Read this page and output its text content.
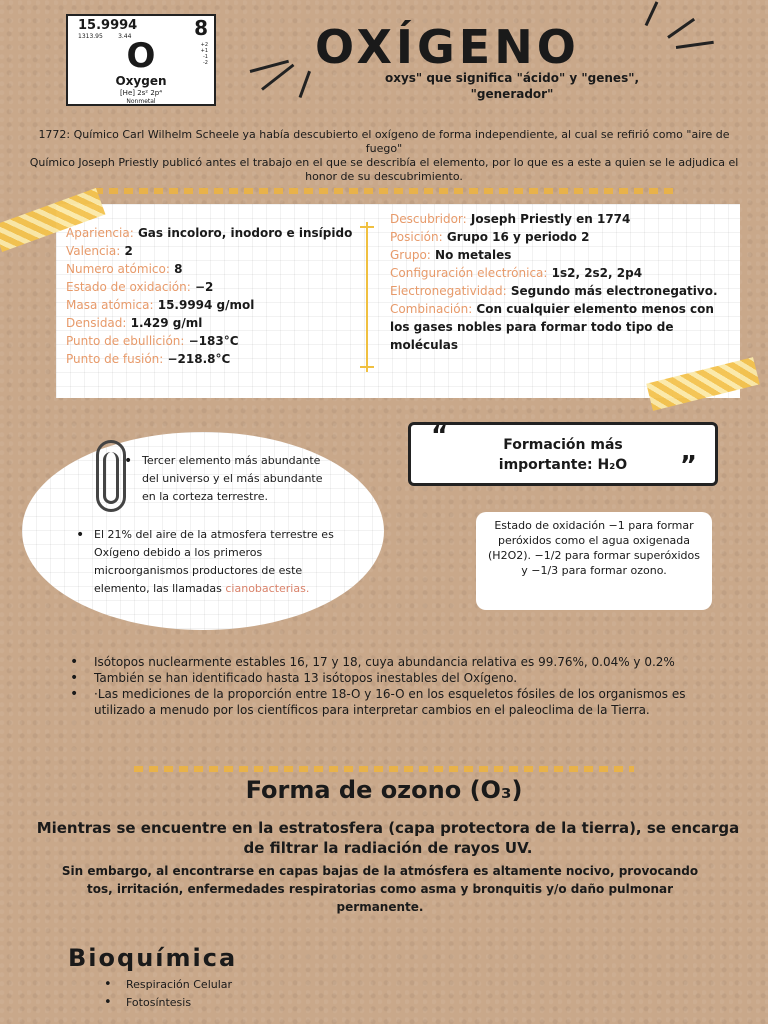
15.9994
1313.95	3.44	8
+2
+1
-1
-2
O
Oxygen
[He] 2s² 2p⁴
Nonmetal
OXÍGENO
oxys" que significa "ácido" y "genes", "generador"
1772: Químico Carl Wilhelm Scheele ya había descubierto el oxígeno de forma independiente, al cual se refirió como "aire de fuego"
Químico Joseph Priestly publicó antes el trabajo en el que se describía el elemento, por lo que es a este a quien se le adjudica el honor de su descubrimiento.
Apariencia: Gas incoloro, inodoro e insípido
Valencia: 2
Numero atómico: 8
Estado de oxidación: −2
Masa atómica: 15.9994 g/mol
Densidad: 1.429 g/ml
Punto de ebullición: −183°C
Punto de fusión: −218.8°C
Descubridor: Joseph Priestly en 1774
Posición: Grupo 16 y periodo 2
Grupo: No metales
Configuración electrónica: 1s2, 2s2, 2p4
Electronegatividad: Segundo más electronegativo.
Combinación: Con cualquier elemento menos con los gases nobles para formar todo tipo de moléculas
• Tercer elemento más abundante del universo y el más abundante en la corteza terrestre.
• El 21% del aire de la atmosfera terrestre es Oxígeno debido a los primeros microorganismos productores de este elemento, las llamadas cianobacterias.
“	Formación más
importante: H₂O	”
Estado de oxidación −1 para formar peróxidos como el agua oxigenada (H2O2). −1/2 para formar superóxidos y −1/3 para formar ozono.
• Isótopos nuclearmente estables 16, 17 y 18, cuya abundancia relativa es 99.76%, 0.04% y 0.2%
• También se han identificado hasta 13 isótopos inestables del Oxígeno.
• ·Las mediciones de la proporción entre 18-O y 16-O en los esqueletos fósiles de los organismos es utilizado a menudo por los científicos para interpretar cambios en el paleoclima de la Tierra.
Forma de ozono (O₃)
Mientras se encuentre en la estratosfera (capa protectora de la tierra), se encarga de filtrar la radiación de rayos UV.
Sin embargo, al encontrarse en capas bajas de la atmósfera es altamente nocivo, provocando tos, irritación, enfermedades respiratorias como asma y bronquitis y/o daño pulmonar permanente.
Bioquímica
• Respiración Celular
• Fotosíntesis
